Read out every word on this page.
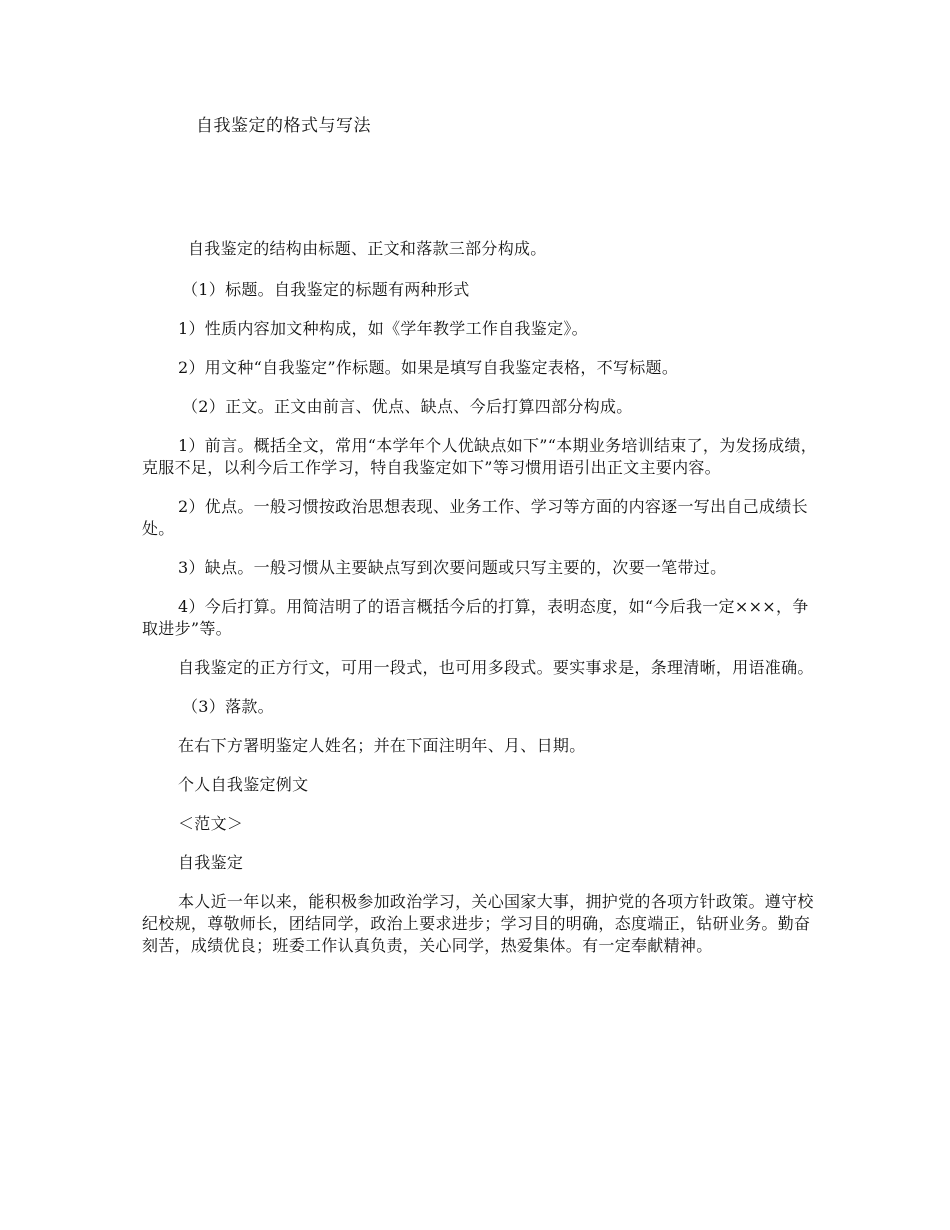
自我鉴定的格式与写法

自我鉴定的结构由标题、正文和落款三部分构成。

（1）标题。自我鉴定的标题有两种形式

1）性质内容加文种构成，如《学年教学工作自我鉴定》。

2）用文种“自我鉴定”作标题。如果是填写自我鉴定表格，不写标题。

（2）正文。正文由前言、优点、缺点、今后打算四部分构成。

1）前言。概括全文，常用“本学年个人优缺点如下”“本期业务培训结束了，为发扬成绩，克服不足，以利今后工作学习，特自我鉴定如下”等习惯用语引出正文主要内容。

2）优点。一般习惯按政治思想表现、业务工作、学习等方面的内容逐一写出自己成绩长处。

3）缺点。一般习惯从主要缺点写到次要问题或只写主要的，次要一笔带过。

4）今后打算。用简洁明了的语言概括今后的打算，表明态度，如“今后我一定×××，争取进步”等。

自我鉴定的正方行文，可用一段式，也可用多段式。要实事求是，条理清晰，用语准确。

（3）落款。

在右下方署明鉴定人姓名；并在下面注明年、月、日期。

个人自我鉴定例文

＜范文＞

自我鉴定

本人近一年以来，能积极参加政治学习，关心国家大事，拥护党的各项方针政策。遵守校纪校规，尊敬师长，团结同学，政治上要求进步；学习目的明确，态度端正，钻研业务。勤奋刻苦，成绩优良；班委工作认真负责，关心同学，热爱集体。有一定奉献精神。
